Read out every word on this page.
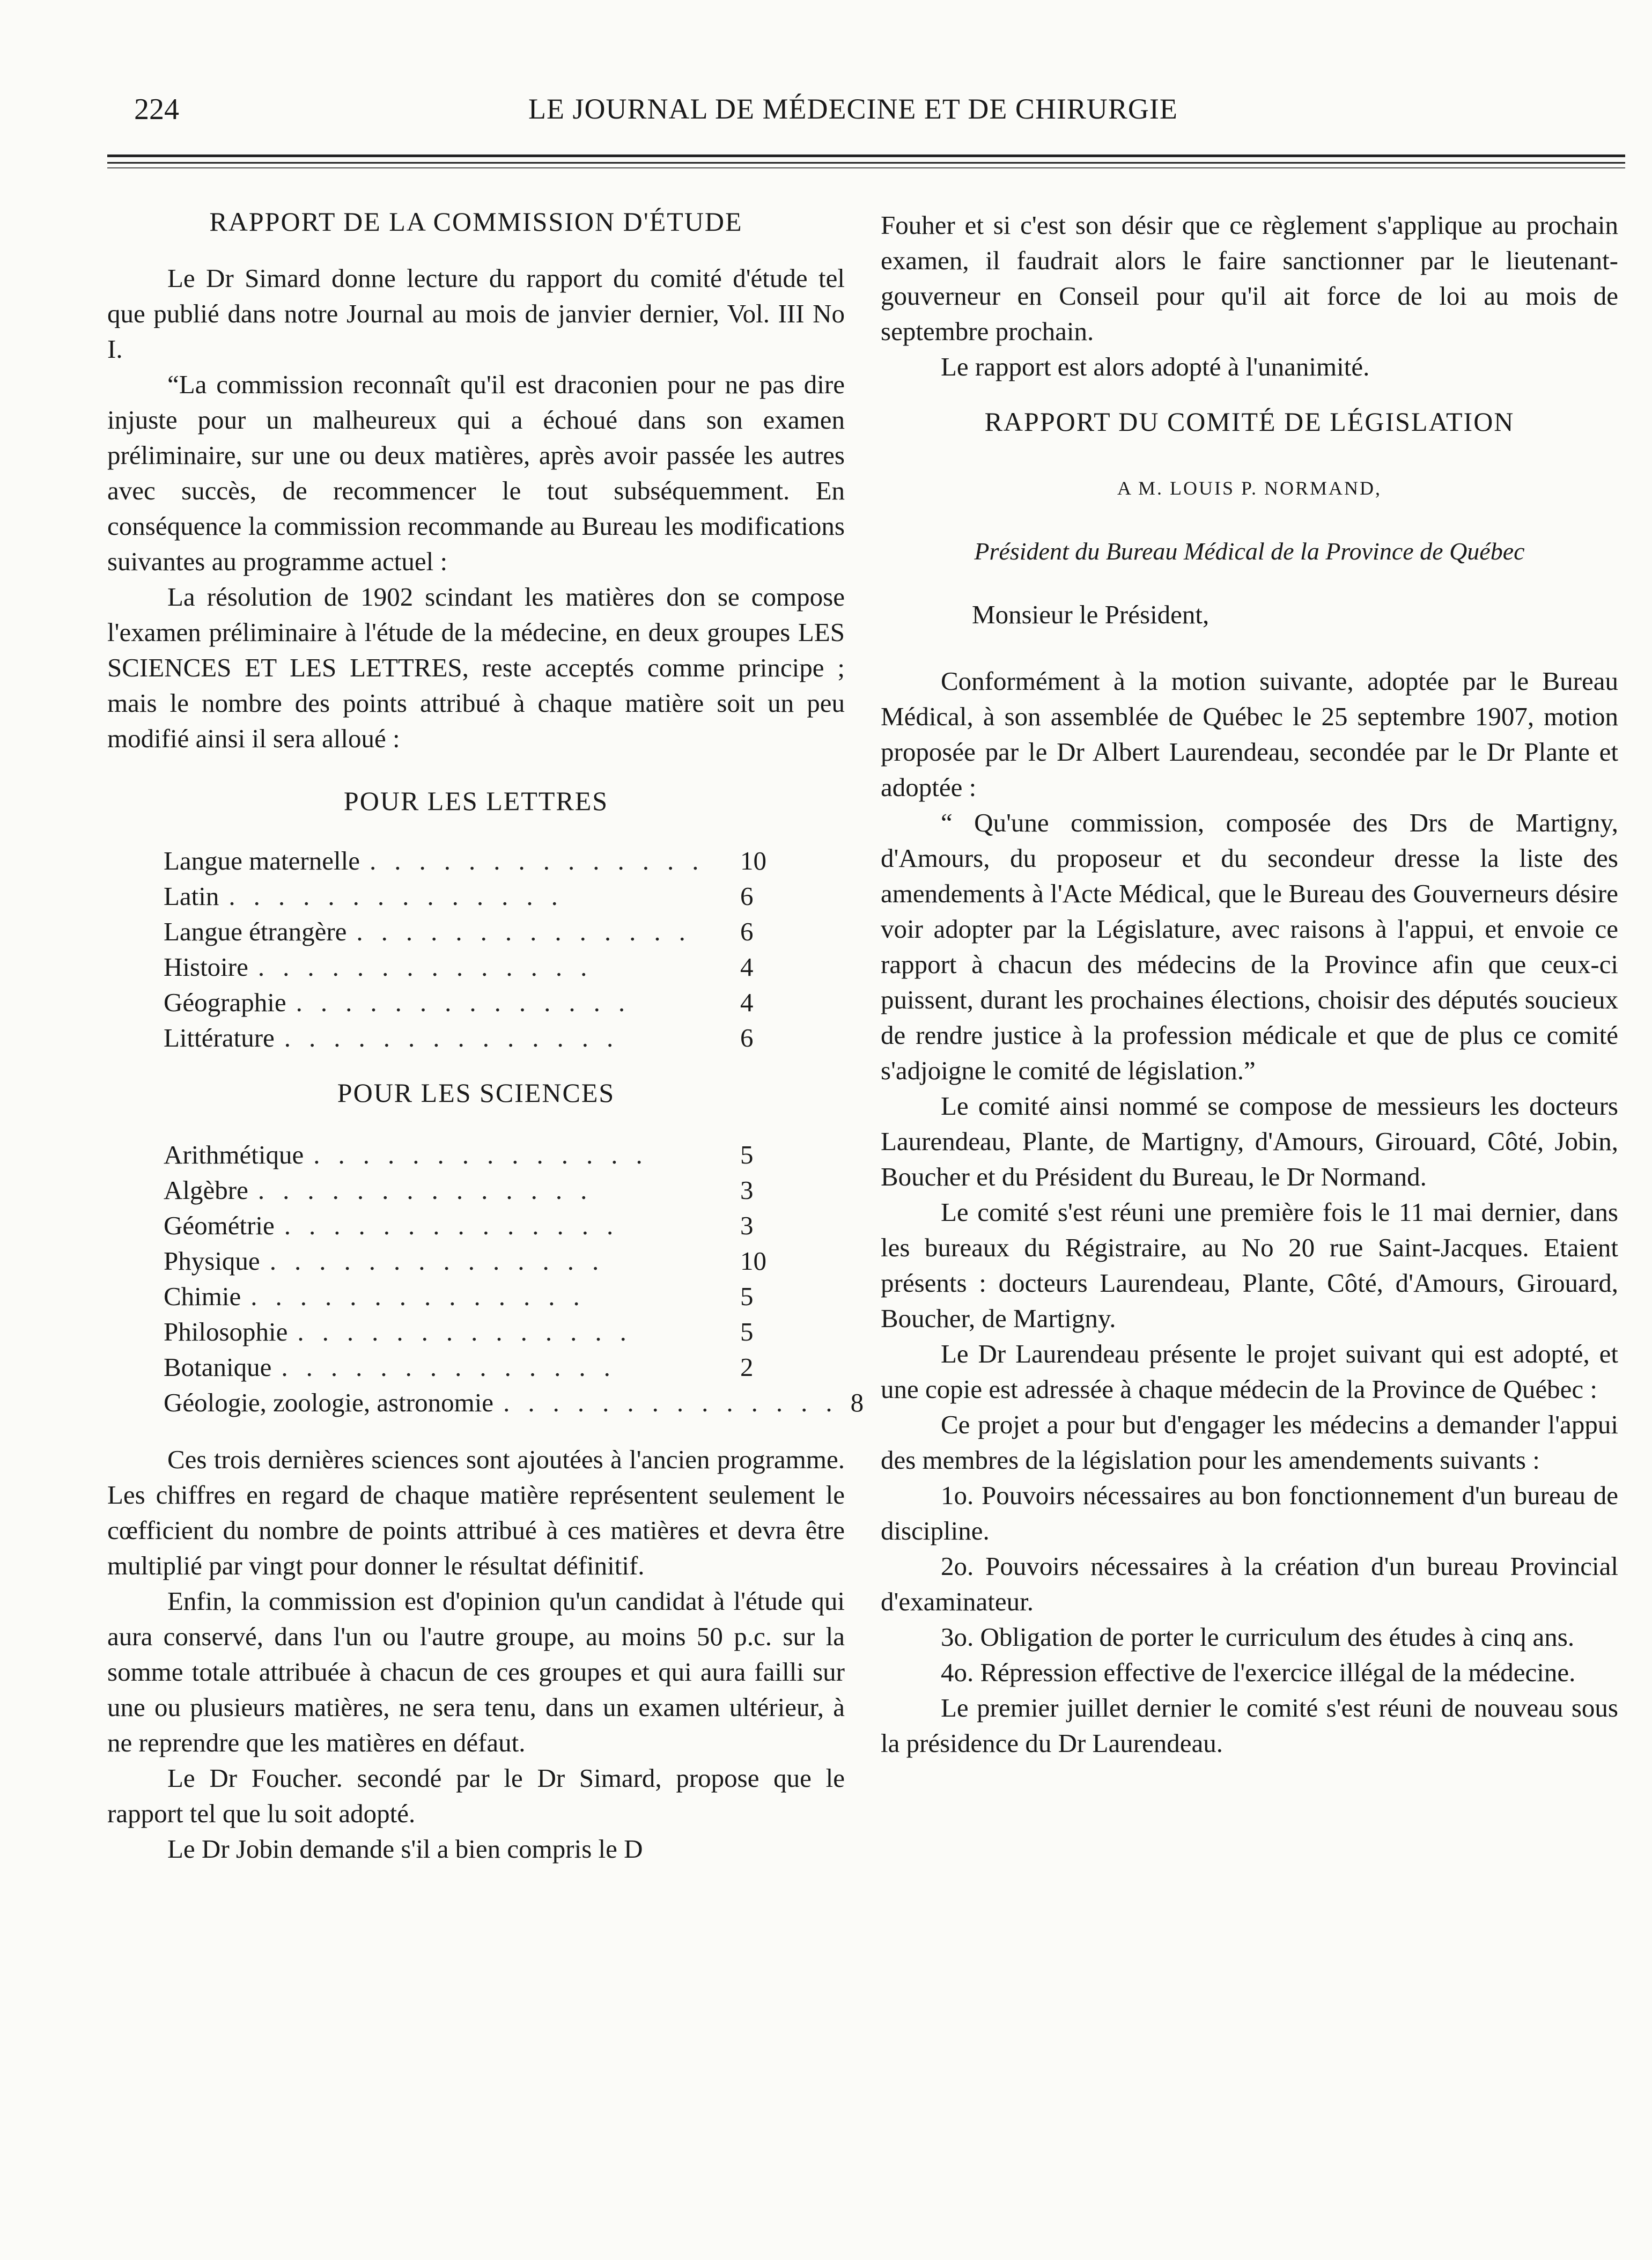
224	LE JOURNAL DE MÉDECINE ET DE CHIRURGIE

RAPPORT DE LA COMMISSION D'ÉTUDE

Le Dr Simard donne lecture du rapport du comité d'étude tel que publié dans notre Journal au mois de janvier dernier, Vol. III No I.

“La commission reconnaît qu'il est draconien pour ne pas dire injuste pour un malheureux qui a échoué dans son examen préliminaire, sur une ou deux matières, après avoir passée les autres avec succès, de recommencer le tout subséquemment. En conséquence la commission recommande au Bureau les modifications suivantes au programme actuel :

La résolution de 1902 scindant les matières don se compose l'examen préliminaire à l'étude de la médecine, en deux groupes LES SCIENCES ET LES LETTRES, reste acceptés comme principe ; mais le nombre des points attribué à chaque matière soit un peu modifié ainsi il sera alloué :

POUR LES LETTRES

Langue maternelle .............. 10
Latin ..............	6
Langue étrangère ..............	6
Histoire ..............	4
Géographie ..............	4
Littérature ..............	6

POUR LES SCIENCES

Arithmétique ..............	5
Algèbre ..............	3
Géométrie ..............	3
Physique ..............	10
Chimie ..............	5
Philosophie ..............	5
Botanique ..............	2
Géologie, zoologie, astronomie .............. 8

Ces trois dernières sciences sont ajoutées à l'ancien programme. Les chiffres en regard de chaque matière représentent seulement le cœfficient du nombre de points attribué à ces matières et devra être multiplié par vingt pour donner le résultat définitif.

Enfin, la commission est d'opinion qu'un candidat à l'étude qui aura conservé, dans l'un ou l'autre groupe, au moins 50 p.c. sur la somme totale attribuée à chacun de ces groupes et qui aura failli sur une ou plusieurs matières, ne sera tenu, dans un examen ultérieur, à ne reprendre que les matières en défaut.

Le Dr Foucher. secondé par le Dr Simard, propose que le rapport tel que lu soit adopté.

Le Dr Jobin demande s'il a bien compris le D

Fouher et si c'est son désir que ce règlement s'applique au prochain examen, il faudrait alors le faire sanctionner par le lieutenant-gouverneur en Conseil pour qu'il ait force de loi au mois de septembre prochain.

Le rapport est alors adopté à l'unanimité.

RAPPORT DU COMITÉ DE LÉGISLATION

A M. LOUIS P. NORMAND,

Président du Bureau Médical de la Province de Québec

Monsieur le Président,

Conformément à la motion suivante, adoptée par le Bureau Médical, à son assemblée de Québec le 25 septembre 1907, motion proposée par le Dr Albert Laurendeau, secondée par le Dr Plante et adoptée :

“ Qu'une commission, composée des Drs de Martigny, d'Amours, du proposeur et du secondeur dresse la liste des amendements à l'Acte Médical, que le Bureau des Gouverneurs désire voir adopter par la Législature, avec raisons à l'appui, et envoie ce rapport à chacun des médecins de la Province afin que ceux-ci puissent, durant les prochaines élections, choisir des députés soucieux de rendre justice à la profession médicale et que de plus ce comité s'adjoigne le comité de législation.”

Le comité ainsi nommé se compose de messieurs les docteurs Laurendeau, Plante, de Martigny, d'Amours, Girouard, Côté, Jobin, Boucher et du Président du Bureau, le Dr Normand.

Le comité s'est réuni une première fois le 11 mai dernier, dans les bureaux du Régistraire, au No 20 rue Saint-Jacques. Etaient présents : docteurs Laurendeau, Plante, Côté, d'Amours, Girouard, Boucher, de Martigny.

Le Dr Laurendeau présente le projet suivant qui est adopté, et une copie est adressée à chaque médecin de la Province de Québec :

Ce projet a pour but d'engager les médecins a demander l'appui des membres de la législation pour les amendements suivants :

1o. Pouvoirs nécessaires au bon fonctionnement d'un bureau de discipline.

2o. Pouvoirs nécessaires à la création d'un bureau Provincial d'examinateur.

3o. Obligation de porter le curriculum des études à cinq ans.

4o. Répression effective de l'exercice illégal de la médecine.

Le premier juillet dernier le comité s'est réuni de nouveau sous la présidence du Dr Laurendeau.
